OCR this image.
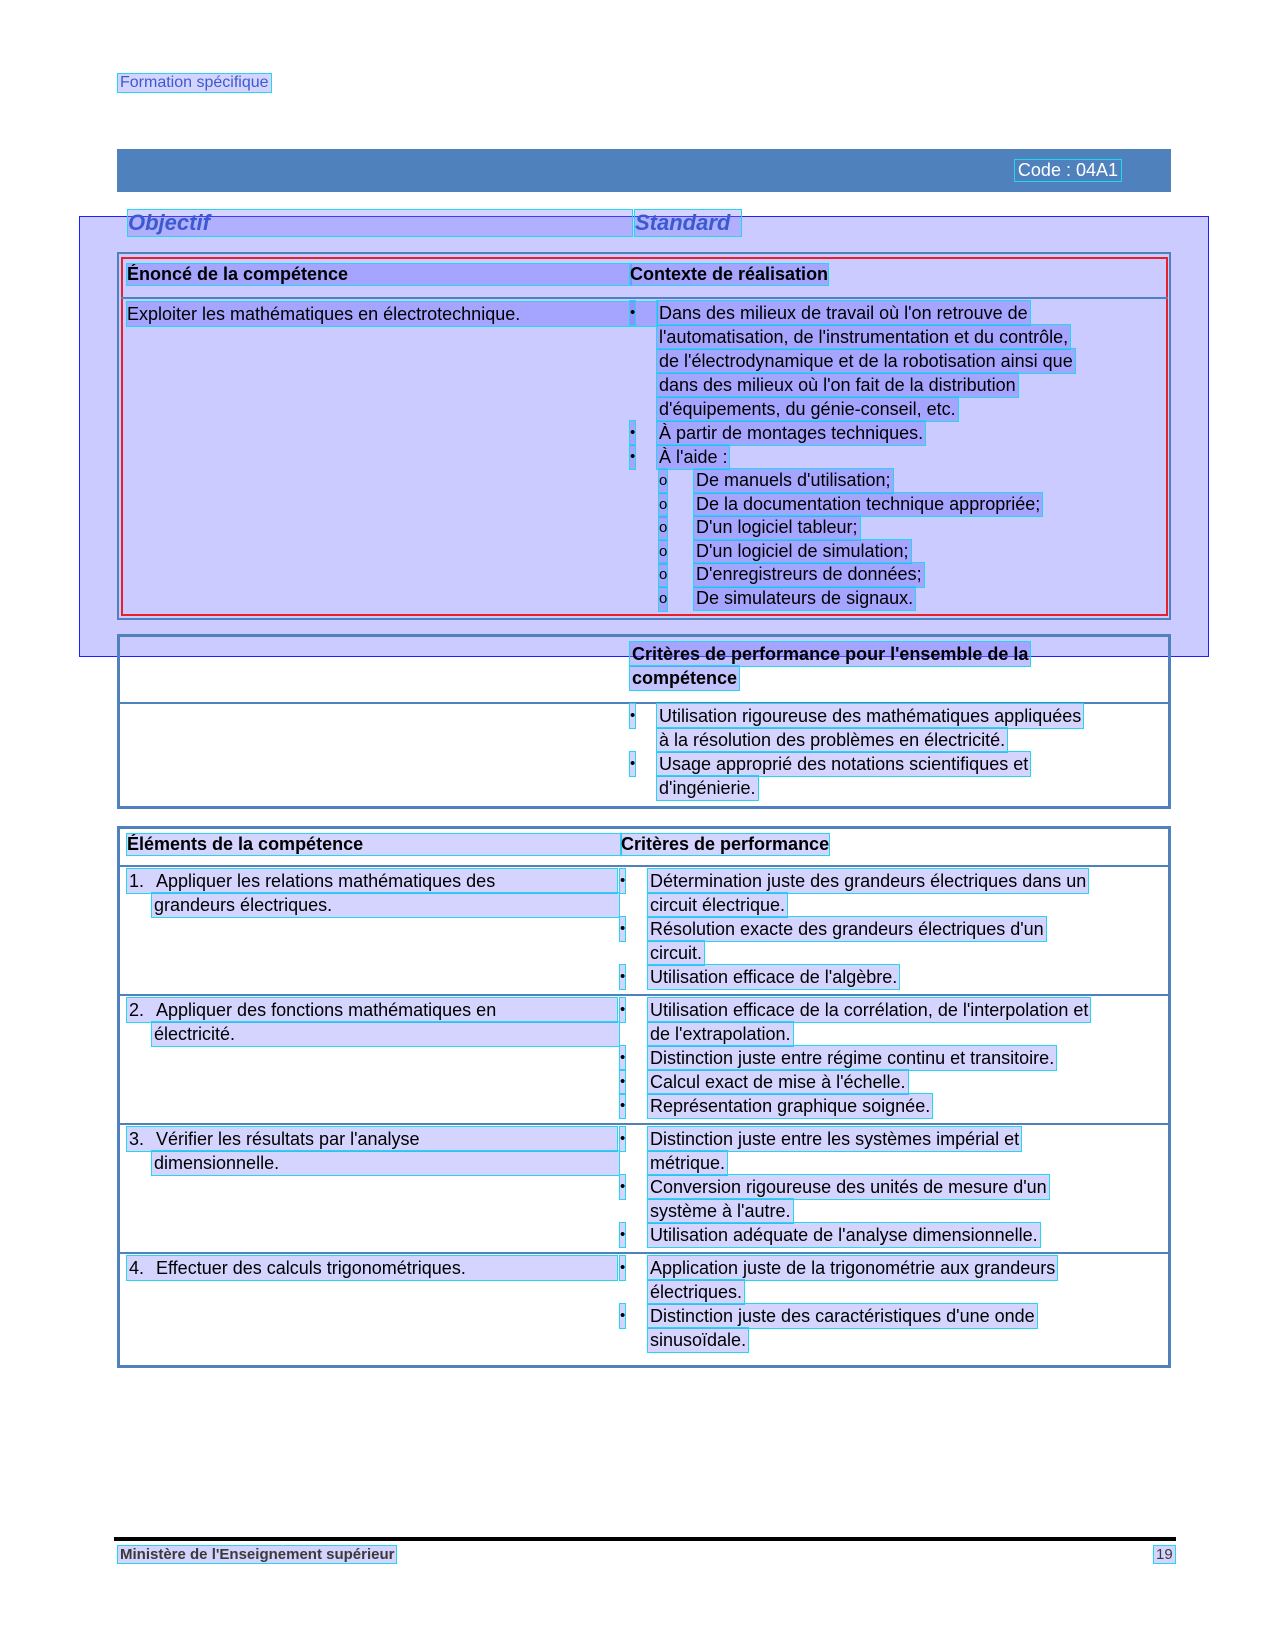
Formation spécifique
Code : 04A1
Objectif	Standard
Énoncé de la compétence	Contexte de réalisation
Exploiter les mathématiques en électrotechnique.	• Dans des milieux de travail où l'on retrouve de
l'automatisation, de l'instrumentation et du contrôle,
de l'électrodynamique et de la robotisation ainsi que
dans des milieux où l'on fait de la distribution
d'équipements, du génie-conseil, etc.
• À partir de montages techniques.
• À l'aide :
o De manuels d'utilisation;
o De la documentation technique appropriée;
o D'un logiciel tableur;
o D'un logiciel de simulation;
o D'enregistreurs de données;
o De simulateurs de signaux.
Critères de performance pour l'ensemble de la
compétence
• Utilisation rigoureuse des mathématiques appliquées
à la résolution des problèmes en électricité.
• Usage approprié des notations scientifiques et
d'ingénierie.
Éléments de la compétence	Critères de performance
1. Appliquer les relations mathématiques des
grandeurs électriques.
• Détermination juste des grandeurs électriques dans un
circuit électrique.
• Résolution exacte des grandeurs électriques d'un
circuit.
• Utilisation efficace de l'algèbre.
2. Appliquer des fonctions mathématiques en
électricité.
• Utilisation efficace de la corrélation, de l'interpolation et
de l'extrapolation.
• Distinction juste entre régime continu et transitoire.
• Calcul exact de mise à l'échelle.
• Représentation graphique soignée.
3. Vérifier les résultats par l'analyse
dimensionnelle.
• Distinction juste entre les systèmes impérial et
métrique.
• Conversion rigoureuse des unités de mesure d'un
système à l'autre.
• Utilisation adéquate de l'analyse dimensionnelle.
4. Effectuer des calculs trigonométriques.	• Application juste de la trigonométrie aux grandeurs
électriques.
• Distinction juste des caractéristiques d'une onde
sinusoïdale.
Ministère de l'Enseignement supérieur	19
